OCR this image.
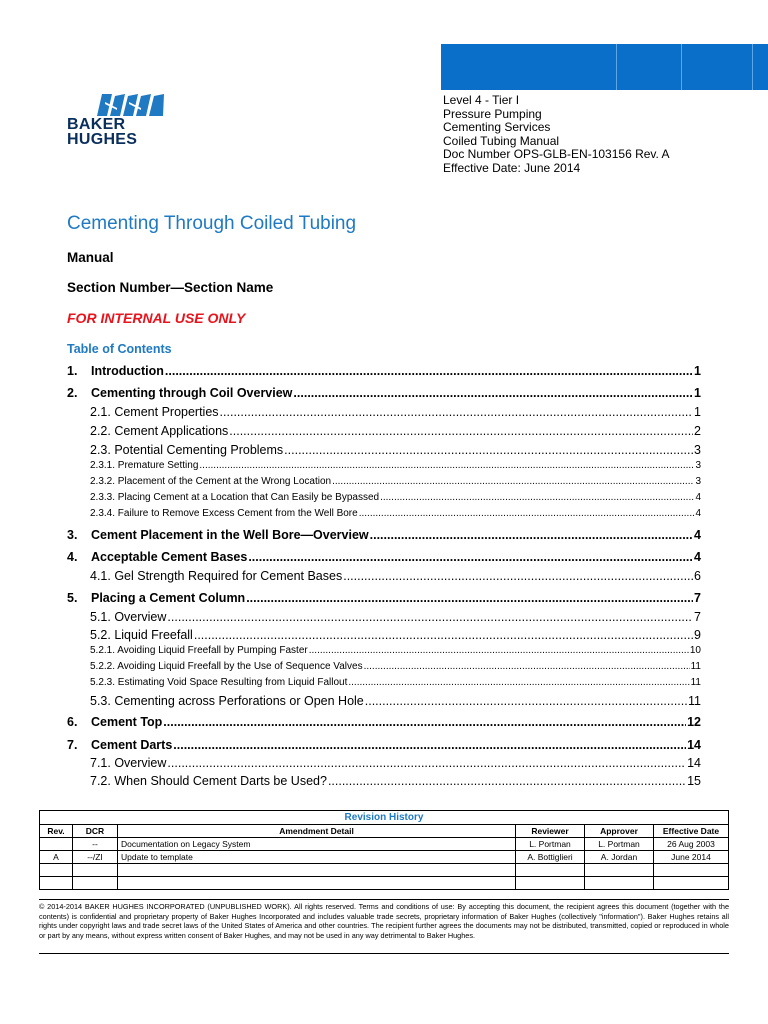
BAKER
HUGHES
Level 4 - Tier I
Pressure Pumping
Cementing Services
Coiled Tubing Manual
Doc Number OPS-GLB-EN-103156 Rev. A
Effective Date: June 2014
Cementing Through Coiled Tubing
Manual
Section Number—Section Name
FOR INTERNAL USE ONLY
Table of Contents
1.	Introduction .....	1
2.	Cementing through Coil Overview .....	1
2.1. Cement Properties .....	1
2.2. Cement Applications .....	2
2.3. Potential Cementing Problems .....	3
2.3.1. Premature Setting .....	3
2.3.2. Placement of the Cement at the Wrong Location .....	3
2.3.3. Placing Cement at a Location that Can Easily be Bypassed .....	4
2.3.4. Failure to Remove Excess Cement from the Well Bore .....	4
3.	Cement Placement in the Well Bore—Overview .....	4
4.	Acceptable Cement Bases .....	4
4.1. Gel Strength Required for Cement Bases .....	6
5.	Placing a Cement Column .....	7
5.1. Overview .....	7
5.2. Liquid Freefall .....	9
5.2.1. Avoiding Liquid Freefall by Pumping Faster .....	10
5.2.2. Avoiding Liquid Freefall by the Use of Sequence Valves .....	11
5.2.3. Estimating Void Space Resulting from Liquid Fallout .....	11
5.3. Cementing across Perforations or Open Hole .....	11
6.	Cement Top .....	12
7.	Cement Darts .....	14
7.1. Overview .....	14
7.2. When Should Cement Darts be Used? .....	15
Revision History					
Rev.	DCR	Amendment Detail	Reviewer	Approver	Effective Date
	--	Documentation on Legacy System	L. Portman	L. Portman	26 Aug 2003
A	--/ZI	Update to template	A. Bottiglieri	A. Jordan	June 2014

© 2014-2014 BAKER HUGHES INCORPORATED (UNPUBLISHED WORK). All rights reserved. Terms and conditions of use: By accepting this document, the recipient agrees this document (together with the contents) is confidential and proprietary property of Baker Hughes Incorporated and includes valuable trade secrets, proprietary information of Baker Hughes (collectively "information"). Baker Hughes retains all rights under copyright laws and trade secret laws of the United States of America and other countries. The recipient further agrees the documents may not be distributed, transmitted, copied or reproduced in whole or part by any means, without express written consent of Baker Hughes, and may not be used in any way detrimental to Baker Hughes.
